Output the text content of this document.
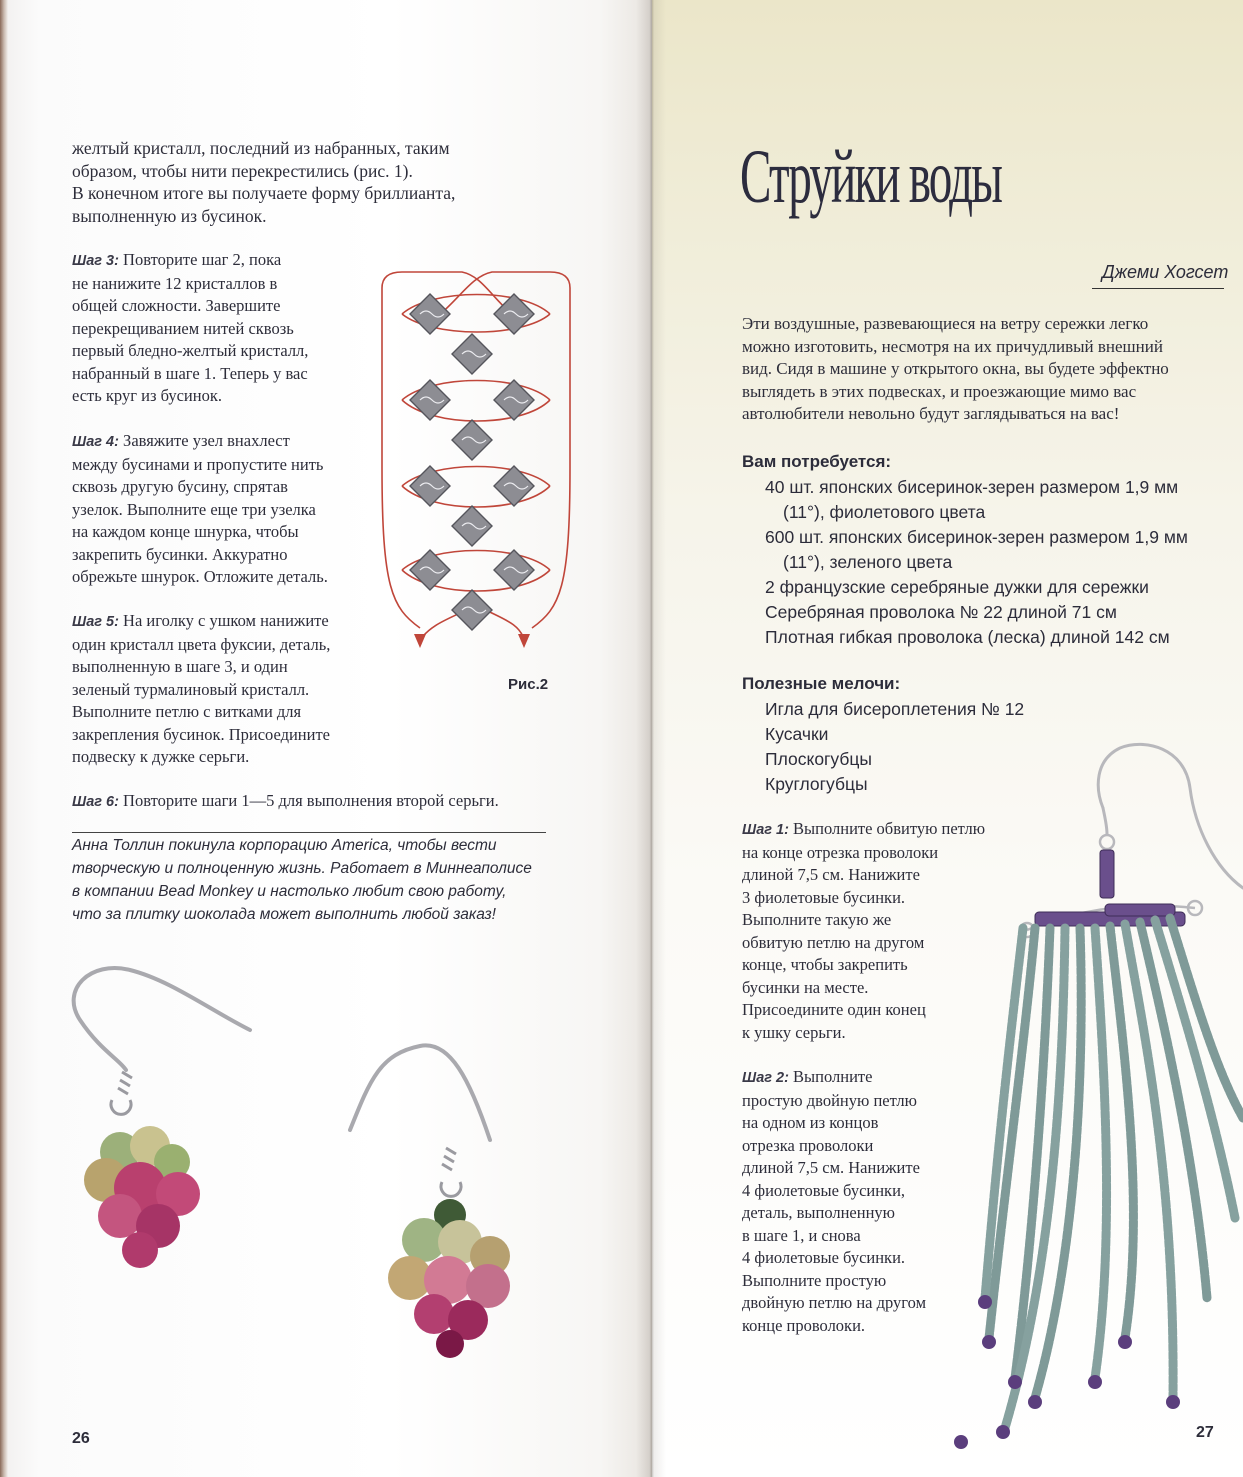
желтый кристалл, последний из набранных, таким

образом, чтобы нити перекрестились (рис. 1).

В конечном итоге вы получаете форму бриллианта,

выполненную из бусинок.

Шаг 3: Повторите шаг 2, пока

не нанижите 12 кристаллов в

общей сложности. Завершите

перекрещиванием нитей сквозь

первый бледно-желтый кристалл,

набранный в шаге 1. Теперь у вас

есть круг из бусинок.

Шаг 4: Завяжите узел внахлест

между бусинами и пропустите нить

сквозь другую бусину, спрятав

узелок. Выполните еще три узелка

на каждом конце шнурка, чтобы

закрепить бусинки. Аккуратно

обрежьте шнурок. Отложите деталь.

Шаг 5: На иголку с ушком нанижите

один кристалл цвета фуксии, деталь,

выполненную в шаге 3, и один

зеленый турмалиновый кристалл.

Выполните петлю с витками для

закрепления бусинок. Присоедините

подвеску к дужке серьги.

Шаг 6: Повторите шаги 1—5 для выполнения второй серьги.

Анна Толлин покинула корпорацию America, чтобы вести

творческую и полноценную жизнь. Работает в Миннеаполисе

в компании Bead Monkey и настолько любит свою работу,

что за плитку шоколада может выполнить любой заказ!

Рис.2
26
Струйки воды
Джеми Хогсет

Эти воздушные, развевающиеся на ветру сережки легко

можно изготовить, несмотря на их причудливый внешний

вид. Сидя в машине у открытого окна, вы будете эффектно

выглядеть в этих подвесках, и проезжающие мимо вас

автолюбители невольно будут заглядываться на вас!

Вам потребуется:

40 шт. японских бисеринок-зерен размером 1,9 мм

(11°), фиолетового цвета

600 шт. японских бисеринок-зерен размером 1,9 мм

(11°), зеленого цвета

2 французские серебряные дужки для сережки

Серебряная проволока № 22 длиной 71 см

Плотная гибкая проволока (леска) длиной 142 см

Полезные мелочи:

Игла для бисероплетения № 12

Кусачки

Плоскогубцы

Круглогубцы

Шаг 1: Выполните обвитую петлю

на конце отрезка проволоки

длиной 7,5 см. Нанижите

3 фиолетовые бусинки.

Выполните такую же

обвитую петлю на другом

конце, чтобы закрепить

бусинки на месте.

Присоедините один конец

к ушку серьги.

Шаг 2: Выполните

простую двойную петлю

на одном из концов

отрезка проволоки

длиной 7,5 см. Нанижите

4 фиолетовые бусинки,

деталь, выполненную

в шаге 1, и снова

4 фиолетовые бусинки.

Выполните простую

двойную петлю на другом

конце проволоки.

27
